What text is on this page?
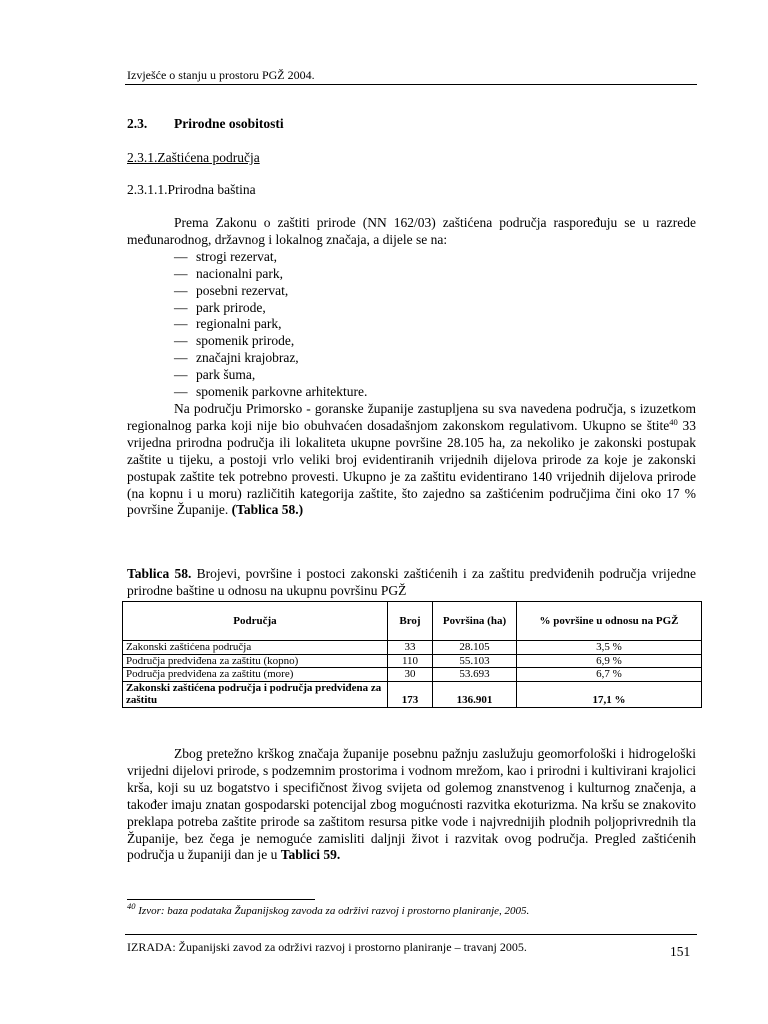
Izvješće o stanju u prostoru PGŽ 2004.
2.3. Prirodne osobitosti
2.3.1.Zaštićena područja
2.3.1.1.Prirodna baština

Prema Zakonu o zaštiti prirode (NN 162/03) zaštićena područja raspoređuju se u razrede međunarodnog, državnog i lokalnog značaja, a dijele se na:

— strogi rezervat,
— nacionalni park,
— posebni rezervat,
— park prirode,
— regionalni park,
— spomenik prirode,
— značajni krajobraz,
— park šuma,
— spomenik parkovne arhitekture.

Na području Primorsko - goranske županije zastupljena su sva navedena područja, s izuzetkom regionalnog parka koji nije bio obuhvaćen dosadašnjom zakonskom regulativom. Ukupno se štite$^{40}$ 33 vrijedna prirodna područja ili lokaliteta ukupne površine 28.105 ha, za nekoliko je zakonski postupak zaštite u tijeku, a postoji vrlo veliki broj evidentiranih vrijednih dijelova prirode za koje je zakonski postupak zaštite tek potrebno provesti. Ukupno je za zaštitu evidentirano 140 vrijednih dijelova prirode (na kopnu i u moru) različitih kategorija zaštite, što zajedno sa zaštićenim područjima čini oko 17 % površine Županije. (Tablica 58.)

Tablica 58. Brojevi, površine i postoci zakonski zaštićenih i za zaštitu predviđenih područja vrijedne prirodne baštine u odnosu na ukupnu površinu PGŽ
Područja	Broj	Površina (ha)	% površine u odnosu na PGŽ
Zakonski zaštićena područja	33	28.105	3,5 %
Područja predviđena za zaštitu (kopno)	110	55.103	6,9 %
Područja predviđena za zaštitu (more)	30	53.693	6,7 %
Zakonski zaštićena područja i područja predviđena za zaštitu	173	136.901	17,1 %

Zbog pretežno krškog značaja županije posebnu pažnju zaslužuju geomorfološki i hidrogeloški vrijedni dijelovi prirode, s podzemnim prostorima i vodnom mrežom, kao i prirodni i kultivirani krajolici krša, koji su uz bogatstvo i specifičnost živog svijeta od golemog znanstvenog i kulturnog značenja, a također imaju znatan gospodarski potencijal zbog mogućnosti razvitka ekoturizma. Na kršu se znakovito preklapa potreba zaštite prirode sa zaštitom resursa pitke vode i najvrednijih plodnih poljoprivrednih tla Županije, bez čega je nemoguće zamisliti daljnji život i razvitak ovog područja. Pregled zaštićenih područja u županiji dan je u Tablici 59.

$^{40}$ Izvor: baza podataka Županijskog zavoda za održivi razvoj i prostorno planiranje, 2005.
IZRADA: Županijski zavod za održivi razvoj i prostorno planiranje – travanj 2005.	151
